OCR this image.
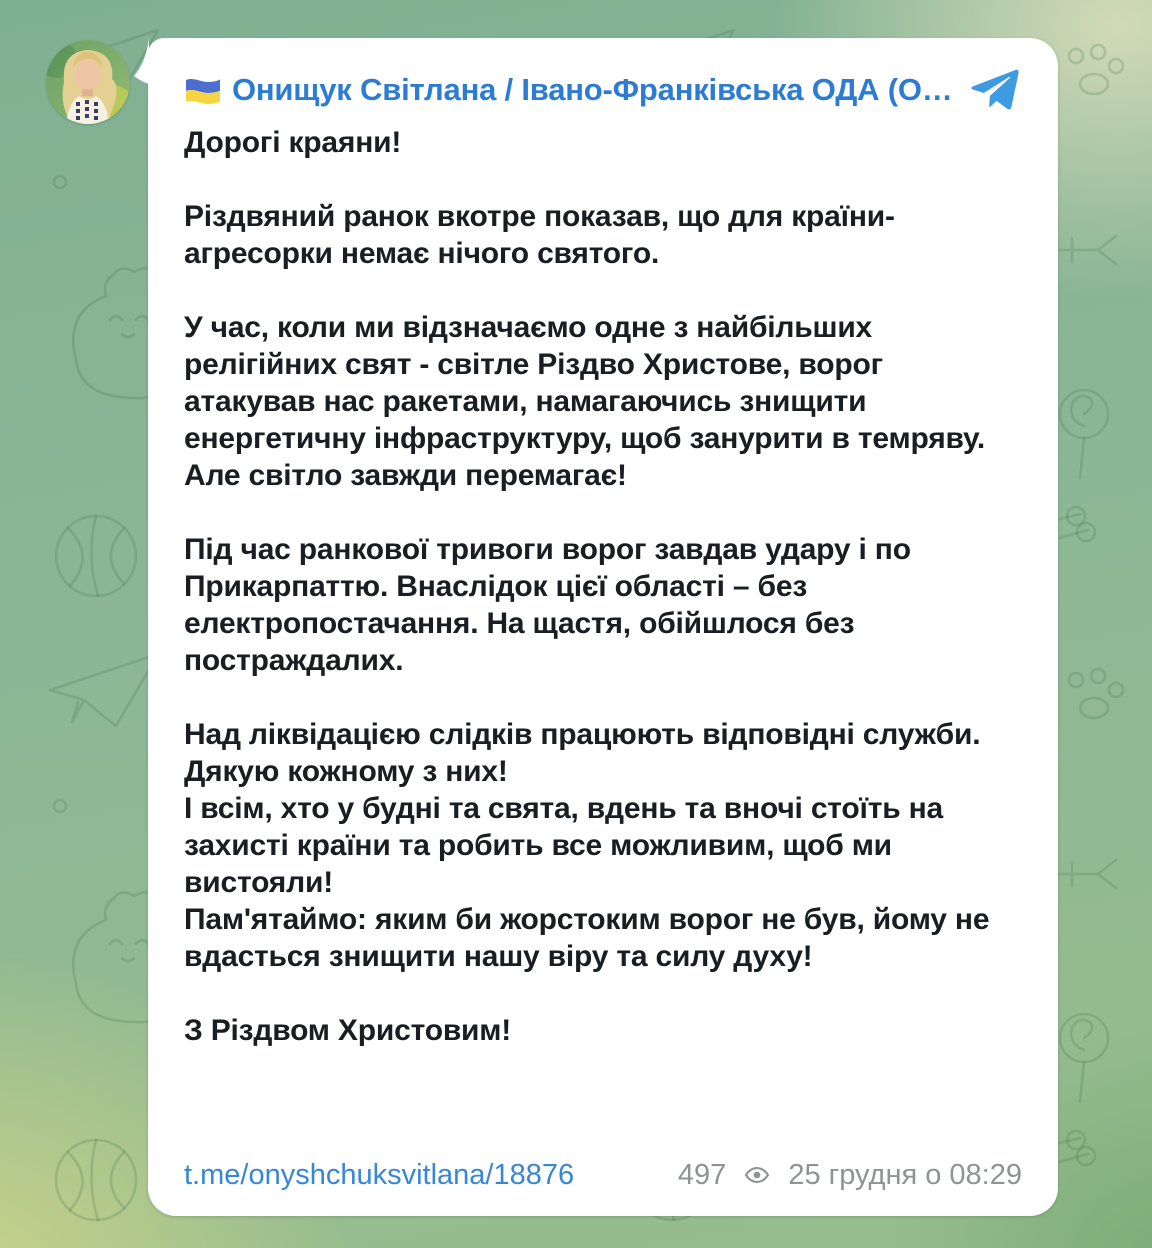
Онищук Світлана / Івано-Франківська ОДА (О…

Дорогі краяни!

Різдвяний ранок вкотре показав, що для країни-агресорки немає нічого святого.

У час, коли ми відзначаємо одне з найбільших релігійних свят - світле Різдво Христове, ворог атакував нас ракетами, намагаючись знищити енергетичну інфраструктуру, щоб занурити в темряву. Але світло завжди перемагає!

Під час ранкової тривоги ворог завдав удару і по Прикарпаттю. Внаслідок цієї області – без електропостачання. На щастя, обійшлося без постраждалих.

Над ліквідацією слідків працюють відповідні служби.
Дякую кожному з них!
І всім, хто у будні та свята, вдень та вночі стоїть на захисті країни та робить все можливим, щоб ми вистояли!
Пам'ятаймо: яким би жорстоким ворог не був, йому не вдасться знищити нашу віру та силу духу!

З Різдвом Христовим!

t.me/onyshchuksvitlana/18876	497 25 грудня о 08:29
